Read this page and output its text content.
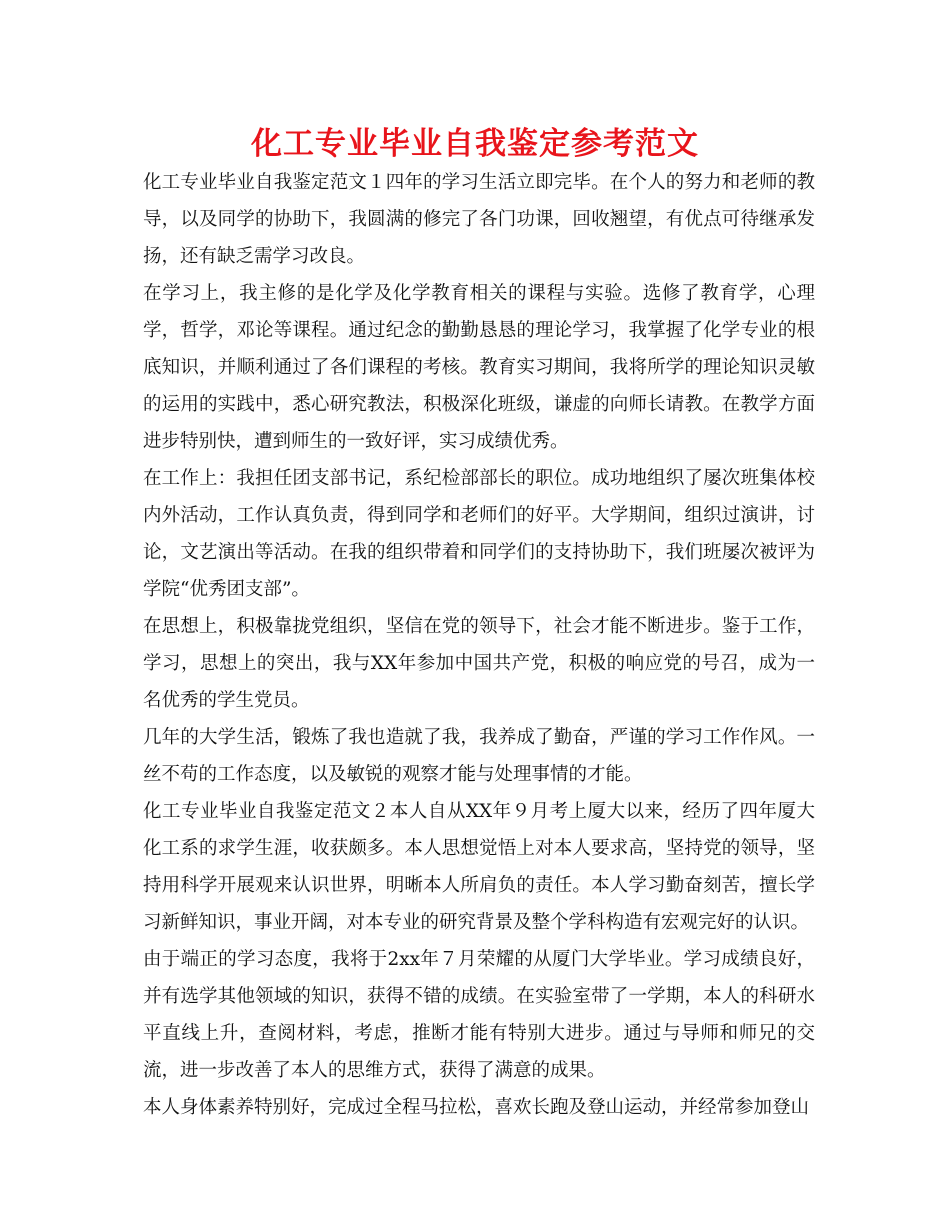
化工专业毕业自我鉴定参考范文

化工专业毕业自我鉴定范文１四年的学习生活立即完毕。在个人的努力和老师的教导，以及同学的协助下，我圆满的修完了各门功课，回收翘望，有优点可待继承发扬，还有缺乏需学习改良。

在学习上，我主修的是化学及化学教育相关的课程与实验。选修了教育学，心理学，哲学，邓论等课程。通过纪念的勤勤恳恳的理论学习，我掌握了化学专业的根底知识，并顺利通过了各们课程的考核。教育实习期间，我将所学的理论知识灵敏的运用的实践中，悉心研究教法，积极深化班级，谦虚的向师长请教。在教学方面进步特别快，遭到师生的一致好评，实习成绩优秀。

在工作上：我担任团支部书记，系纪检部部长的职位。成功地组织了屡次班集体校内外活动，工作认真负责，得到同学和老师们的好平。大学期间，组织过演讲，讨论，文艺演出等活动。在我的组织带着和同学们的支持协助下，我们班屡次被评为学院“优秀团支部”。

在思想上，积极靠拢党组织，坚信在党的领导下，社会才能不断进步。鉴于工作，学习，思想上的突出，我与XX年参加中国共产党，积极的响应党的号召，成为一名优秀的学生党员。

几年的大学生活，锻炼了我也造就了我，我养成了勤奋，严谨的学习工作作风。一丝不苟的工作态度，以及敏锐的观察才能与处理事情的才能。

化工专业毕业自我鉴定范文２本人自从XX年９月考上厦大以来，经历了四年厦大化工系的求学生涯，收获颇多。本人思想觉悟上对本人要求高，坚持党的领导，坚持用科学开展观来认识世界，明晰本人所肩负的责任。本人学习勤奋刻苦，擅长学习新鲜知识，事业开阔，对本专业的研究背景及整个学科构造有宏观完好的认识。

由于端正的学习态度，我将于2xx年７月荣耀的从厦门大学毕业。学习成绩良好，并有选学其他领域的知识，获得不错的成绩。在实验室带了一学期，本人的科研水平直线上升，查阅材料，考虑，推断才能有特别大进步。通过与导师和师兄的交流，进一步改善了本人的思维方式，获得了满意的成果。

本人身体素养特别好，完成过全程马拉松，喜欢长跑及登山运动，并经常参加登山
